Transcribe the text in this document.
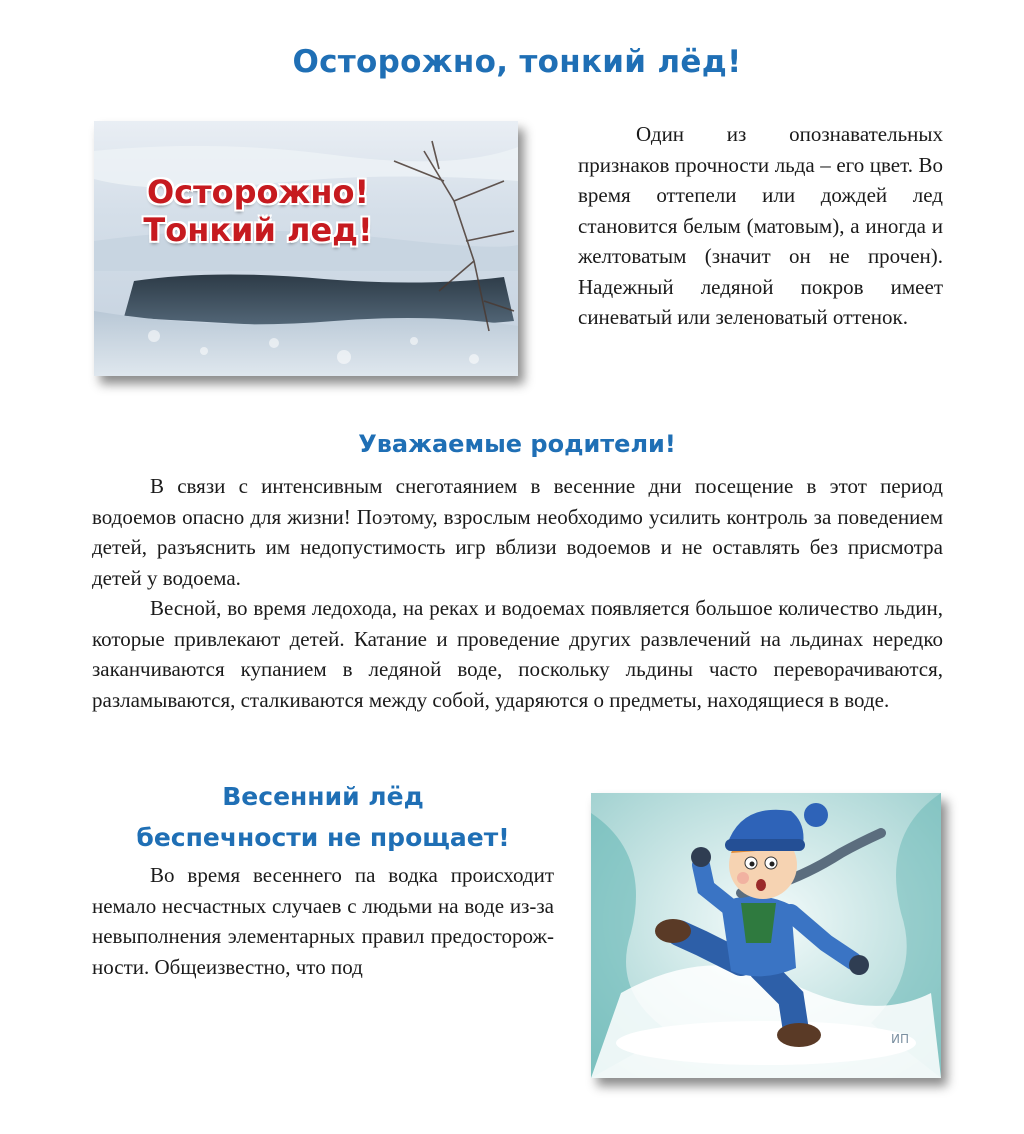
Осторожно, тонкий лёд!
Осторожно!
Тонкий лед!

Один из опознавательных признаков прочности льда – его цвет. Во время оттепели или дождей лед становится белым (матовым), а иногда и желтоватым (значит он не прочен). Надежный ледяной покров имеет синеватый или зеленоватый оттенок.

Уважаемые родители!

В связи с интенсивным снеготаянием в весенние дни посещение в этот период водоемов опасно для жизни! Поэтому, взрослым необходимо усилить контроль за поведением детей, разъяснить им недопустимость игр вблизи водоемов и не оставлять без присмотра детей у водоема.

Весной, во время ледохода, на реках и водоемах появляется большое количество льдин, которые привлекают детей. Катание и проведение других развлечений на льдинах нередко заканчиваются купанием в ледяной воде, поскольку льдины часто переворачиваются, разламываются, сталкиваются между собой, ударяются о предметы, находящиеся в воде.

Весенний лёд
беспечности не прощает!

Во время весеннего па водка происходит немало несчастных случаев с людьми на воде из-за невыполнения элементарных правил предосторож-ности. Общеизвестно, что под

ИП
